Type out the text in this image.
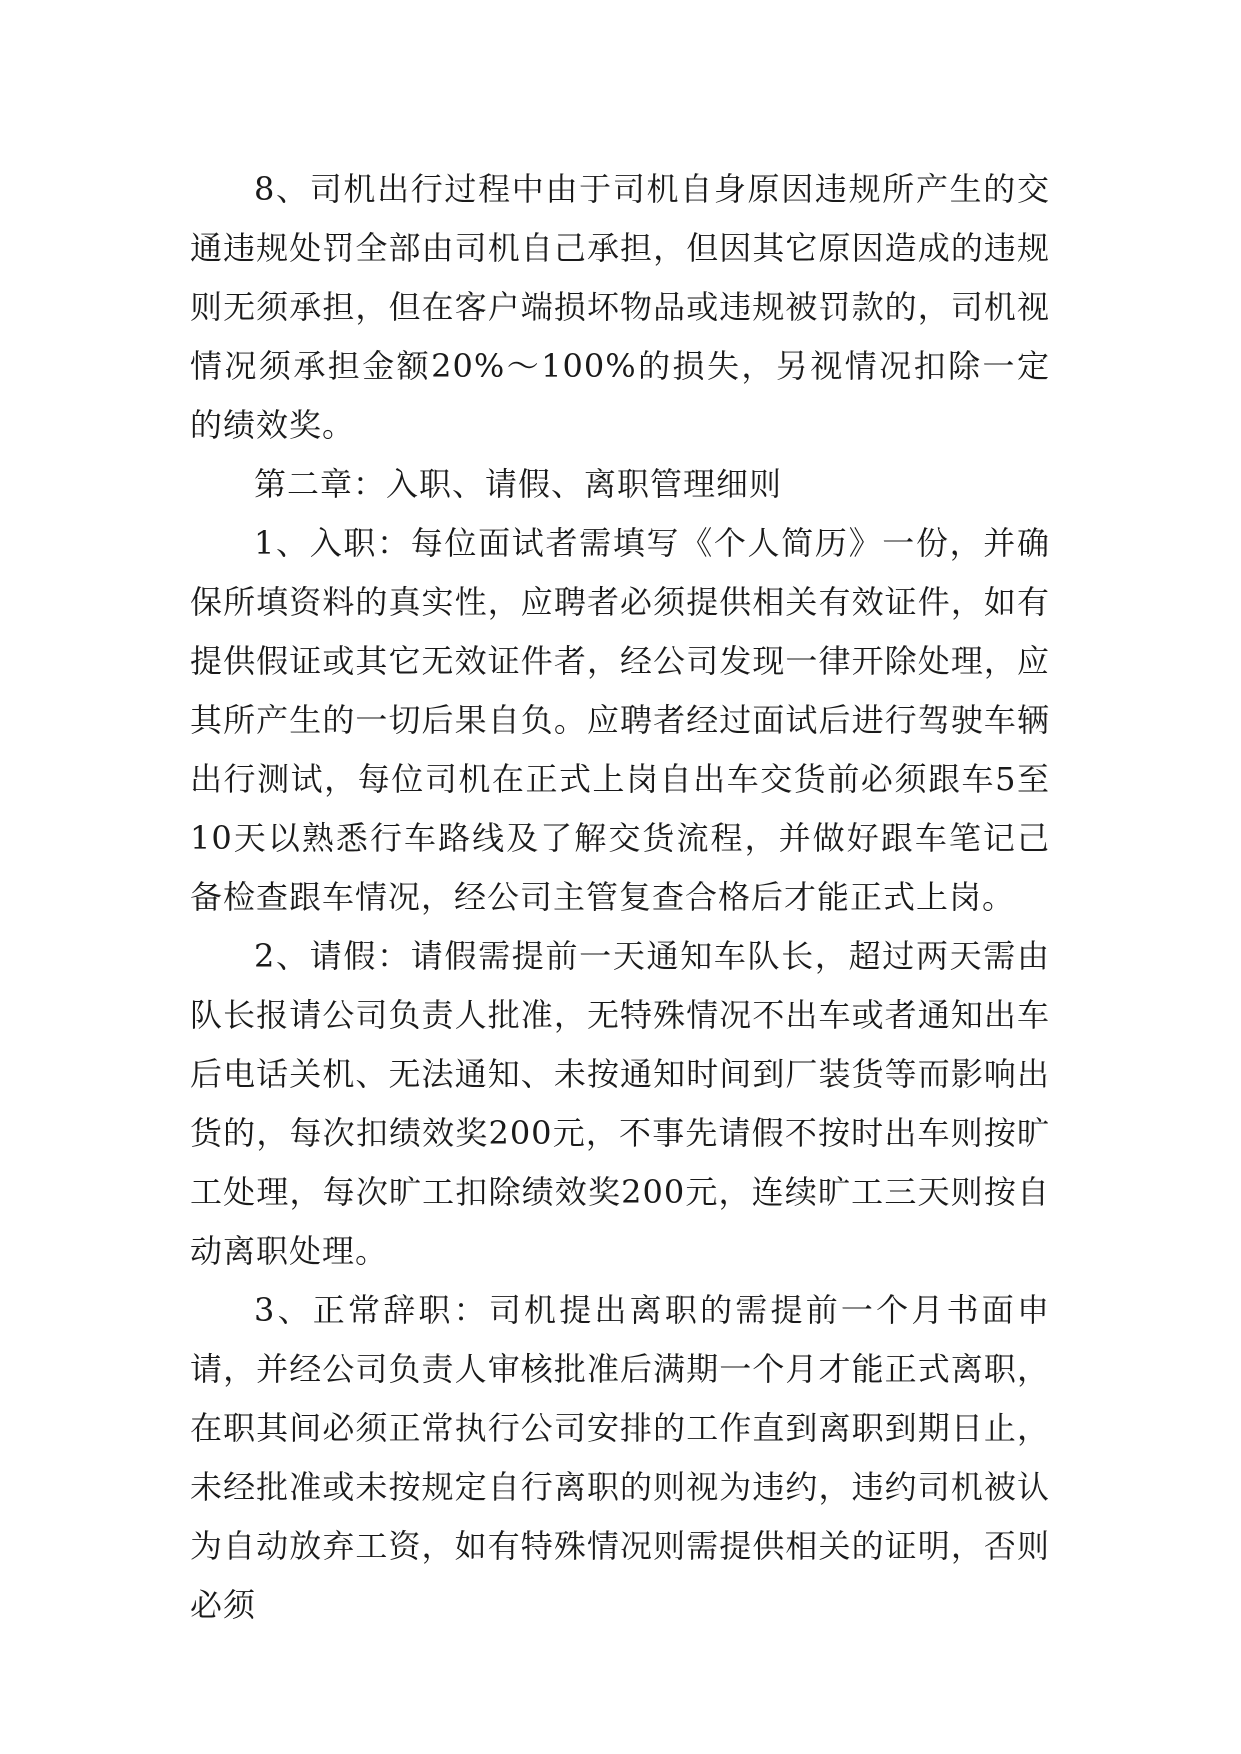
8、司机出行过程中由于司机自身原因违规所产生的交通违规处罚全部由司机自己承担，但因其它原因造成的违规则无须承担，但在客户端损坏物品或违规被罚款的，司机视情况须承担金额20%～100%的损失，另视情况扣除一定的绩效奖。

第二章：入职、请假、离职管理细则

1、入职：每位面试者需填写《个人简历》一份，并确保所填资料的真实性，应聘者必须提供相关有效证件，如有提供假证或其它无效证件者，经公司发现一律开除处理，应其所产生的一切后果自负。应聘者经过面试后进行驾驶车辆出行测试，每位司机在正式上岗自出车交货前必须跟车5至10天以熟悉行车路线及了解交货流程，并做好跟车笔记己备检查跟车情况，经公司主管复查合格后才能正式上岗。

2、请假：请假需提前一天通知车队长，超过两天需由队长报请公司负责人批准，无特殊情况不出车或者通知出车后电话关机、无法通知、未按通知时间到厂装货等而影响出货的，每次扣绩效奖200元，不事先请假不按时出车则按旷工处理，每次旷工扣除绩效奖200元，连续旷工三天则按自动离职处理。

3、正常辞职：司机提出离职的需提前一个月书面申请，并经公司负责人审核批准后满期一个月才能正式离职，在职其间必须正常执行公司安排的工作直到离职到期日止，未经批准或未按规定自行离职的则视为违约，违约司机被认为自动放弃工资，如有特殊情况则需提供相关的证明，否则必须
